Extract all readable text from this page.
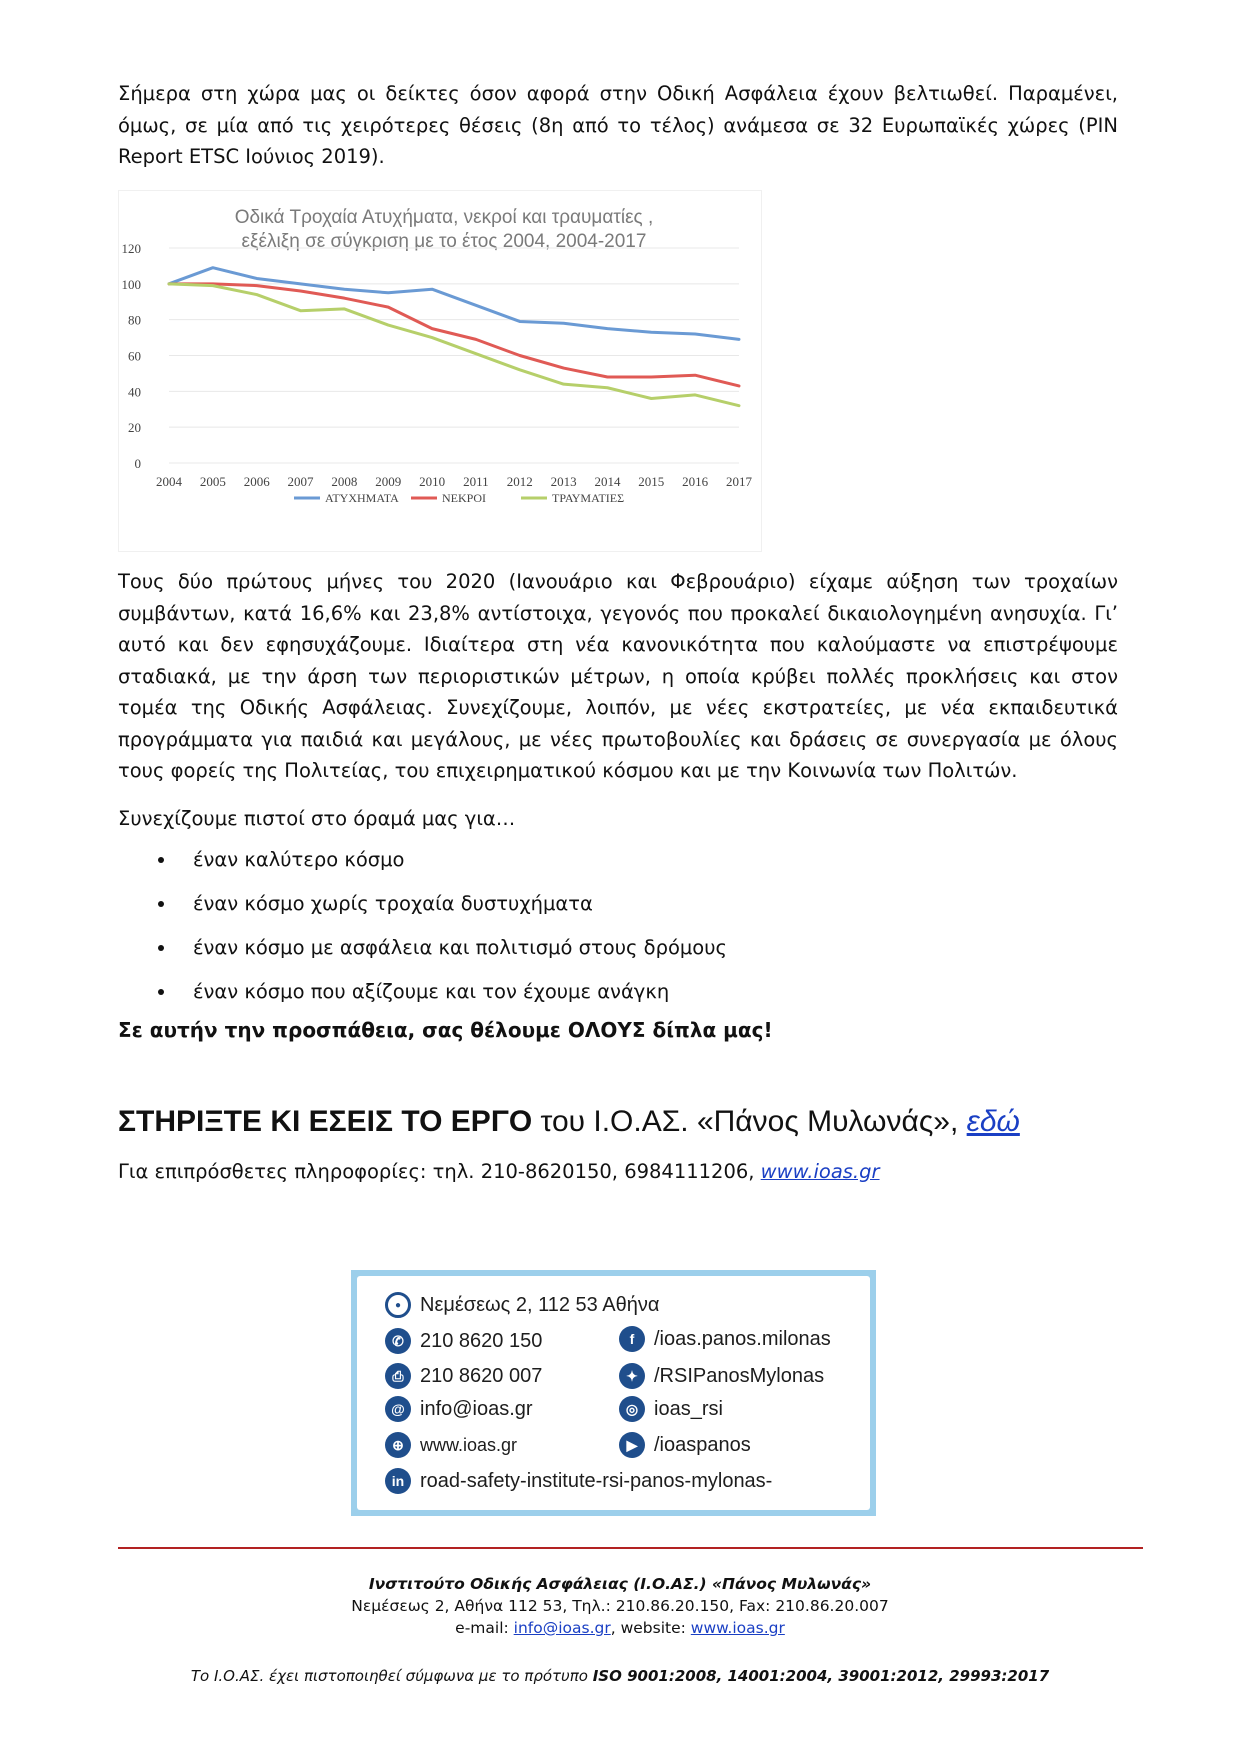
Σήμερα στη χώρα μας οι δείκτες όσον αφορά στην Οδική Ασφάλεια έχουν βελτιωθεί. Παραμένει, όμως, σε μία από τις χειρότερες θέσεις (8η από το τέλος) ανάμεσα σε 32 Ευρωπαϊκές χώρες (PIN Report ETSC Ιούνιος 2019).

Οδικά Τροχαία Ατυχήματα, νεκροί και τραυματίες ,
εξέλιξη σε σύγκριση με το έτος 2004, 2004-2017
0
20
40
60
80
100
120
2004 2005 2006 2007 2008 2009 2010 2011 2012 2013 2014 2015 2016 2017
ΑΤΥΧΗΜΑΤΑ	ΝΕΚΡΟΙ	ΤΡΑΥΜΑΤΙΕΣ

Τους δύο πρώτους μήνες του 2020 (Ιανουάριο και Φεβρουάριο) είχαμε αύξηση των τροχαίων συμβάντων, κατά 16,6% και 23,8% αντίστοιχα, γεγονός που προκαλεί δικαιολογημένη ανησυχία. Γι’ αυτό και δεν εφησυχάζουμε. Ιδιαίτερα στη νέα κανονικότητα που καλούμαστε να επιστρέψουμε σταδιακά, με την άρση των περιοριστικών μέτρων, η οποία κρύβει πολλές προκλήσεις και στον τομέα της Οδικής Ασφάλειας. Συνεχίζουμε, λοιπόν, με νέες εκστρατείες, με νέα εκπαιδευτικά προγράμματα για παιδιά και μεγάλους, με νέες πρωτοβουλίες και δράσεις σε συνεργασία με όλους τους φορείς της Πολιτείας, του επιχειρηματικού κόσμου και με την Κοινωνία των Πολιτών.

Συνεχίζουμε πιστοί στο όραμά μας για…

έναν καλύτερο κόσμο
έναν κόσμο χωρίς τροχαία δυστυχήματα
έναν κόσμο με ασφάλεια και πολιτισμό στους δρόμους
έναν κόσμο που αξίζουμε και τον έχουμε ανάγκη

Σε αυτήν την προσπάθεια, σας θέλουμε ΟΛΟΥΣ δίπλα μας!

ΣΤΗΡΙΞΤΕ ΚΙ ΕΣΕΙΣ ΤΟ ΕΡΓΟ του Ι.Ο.ΑΣ. «Πάνος Μυλωνάς», εδώ

Για επιπρόσθετες πληροφορίες: τηλ. 210-8620150, 6984111206, www.ioas.gr

● Νεμέσεως 2, 112 53 Αθήνα
✆ 210 8620 150
⎙ 210 8620 007
@ info@ioas.gr
⊕ www.ioas.gr
in road-safety-institute-rsi-panos-mylonas-
f /ioas.panos.milonas
✦ /RSIPanosMylonas
◎ ioas_rsi
▶ /ioaspanos

Ινστιτούτο Οδικής Ασφάλειας (Ι.Ο.ΑΣ.) «Πάνος Μυλωνάς»

Νεμέσεως 2, Αθήνα 112 53, Τηλ.: 210.86.20.150, Fax: 210.86.20.007

e-mail: info@ioas.gr, website: www.ioas.gr

Το Ι.Ο.ΑΣ. έχει πιστοποιηθεί σύμφωνα με το πρότυπο ISO 9001:2008, 14001:2004, 39001:2012, 29993:2017
